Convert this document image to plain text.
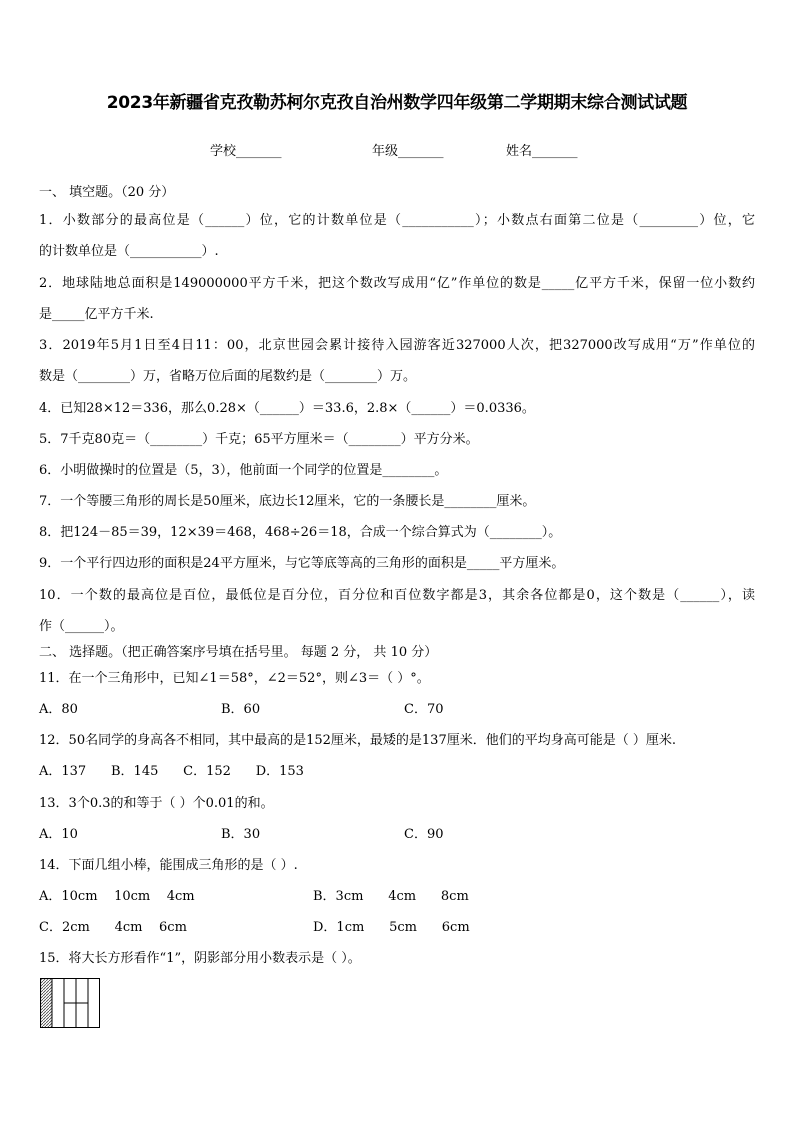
2023年新疆省克孜勒苏柯尔克孜自治州数学四年级第二学期期末综合测试试题
学校_______	年级_______	姓名_______
一、 填空题。（20 分）
1．小数部分的最高位是（______）位，它的计数单位是（___________）；小数点右面第二位是（_________）位，它
的计数单位是（___________）.
2．地球陆地总面积是149000000平方千米，把这个数改写成用“亿”作单位的数是_____亿平方千米，保留一位小数约
是_____亿平方千米.
3．2019年5月1日至4日11：00，北京世园会累计接待入园游客近327000人次，把327000改写成用“万”作单位的
数是（________）万，省略万位后面的尾数约是（________）万。
4．已知28×12＝336，那么0.28×（______）＝33.6，2.8×（______）＝0.0336。
5．7千克80克＝（________）千克；65平方厘米＝（________）平方分米。
6．小明做操时的位置是（5，3），他前面一个同学的位置是________。
7．一个等腰三角形的周长是50厘米，底边长12厘米，它的一条腰长是________厘米。
8．把124－85＝39，12×39＝468，468÷26＝18，合成一个综合算式为（________）。
9．一个平行四边形的面积是24平方厘米，与它等底等高的三角形的面积是_____平方厘米。
10．一个数的最高位是百位，最低位是百分位，百分位和百位数字都是3，其余各位都是0，这个数是（______），读
作（______）。
二、 选择题。（把正确答案序号填在括号里。 每题 2 分， 共 10 分）
11．在一个三角形中，已知∠1＝58°，∠2＝52°，则∠3＝（ ）°。
A．80	B．60	C．70
12．50名同学的身高各不相同，其中最高的是152厘米，最矮的是137厘米．他们的平均身高可能是（ ）厘米.
A．137      B．145      C．152      D．153
13．3个0.3的和等于（ ）个0.01的和。
A．10	B．30	C．90
14．下面几组小棒，能围成三角形的是（ ）.
A．10cm    10cm    4cm	B．3cm      4cm      8cm
C．2cm      4cm    6cm	D．1cm      5cm      6cm
15．将大长方形看作“1”，阴影部分用小数表示是（ ）。
